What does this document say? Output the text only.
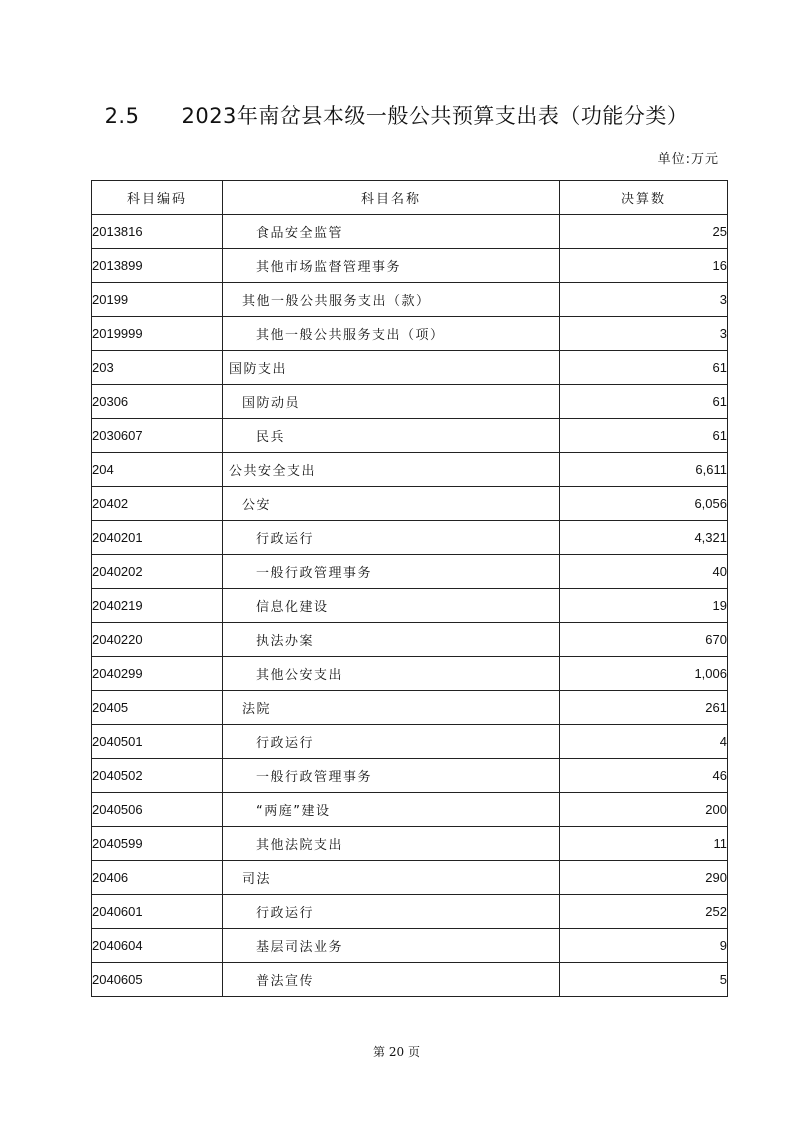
2.5 2023年南岔县本级一般公共预算支出表（功能分类）
单位:万元
科目编码	科目名称	决算数
2013816	食品安全监管	25
2013899	其他市场监督管理事务	16
20199	其他一般公共服务支出（款）	3
2019999	其他一般公共服务支出（项）	3
203	国防支出	61
20306	国防动员	61
2030607	民兵	61
204	公共安全支出	6,611
20402	公安	6,056
2040201	行政运行	4,321
2040202	一般行政管理事务	40
2040219	信息化建设	19
2040220	执法办案	670
2040299	其他公安支出	1,006
20405	法院	261
2040501	行政运行	4
2040502	一般行政管理事务	46
2040506	“两庭”建设	200
2040599	其他法院支出	11
20406	司法	290
2040601	行政运行	252
2040604	基层司法业务	9
2040605	普法宣传	5
第 20 页
